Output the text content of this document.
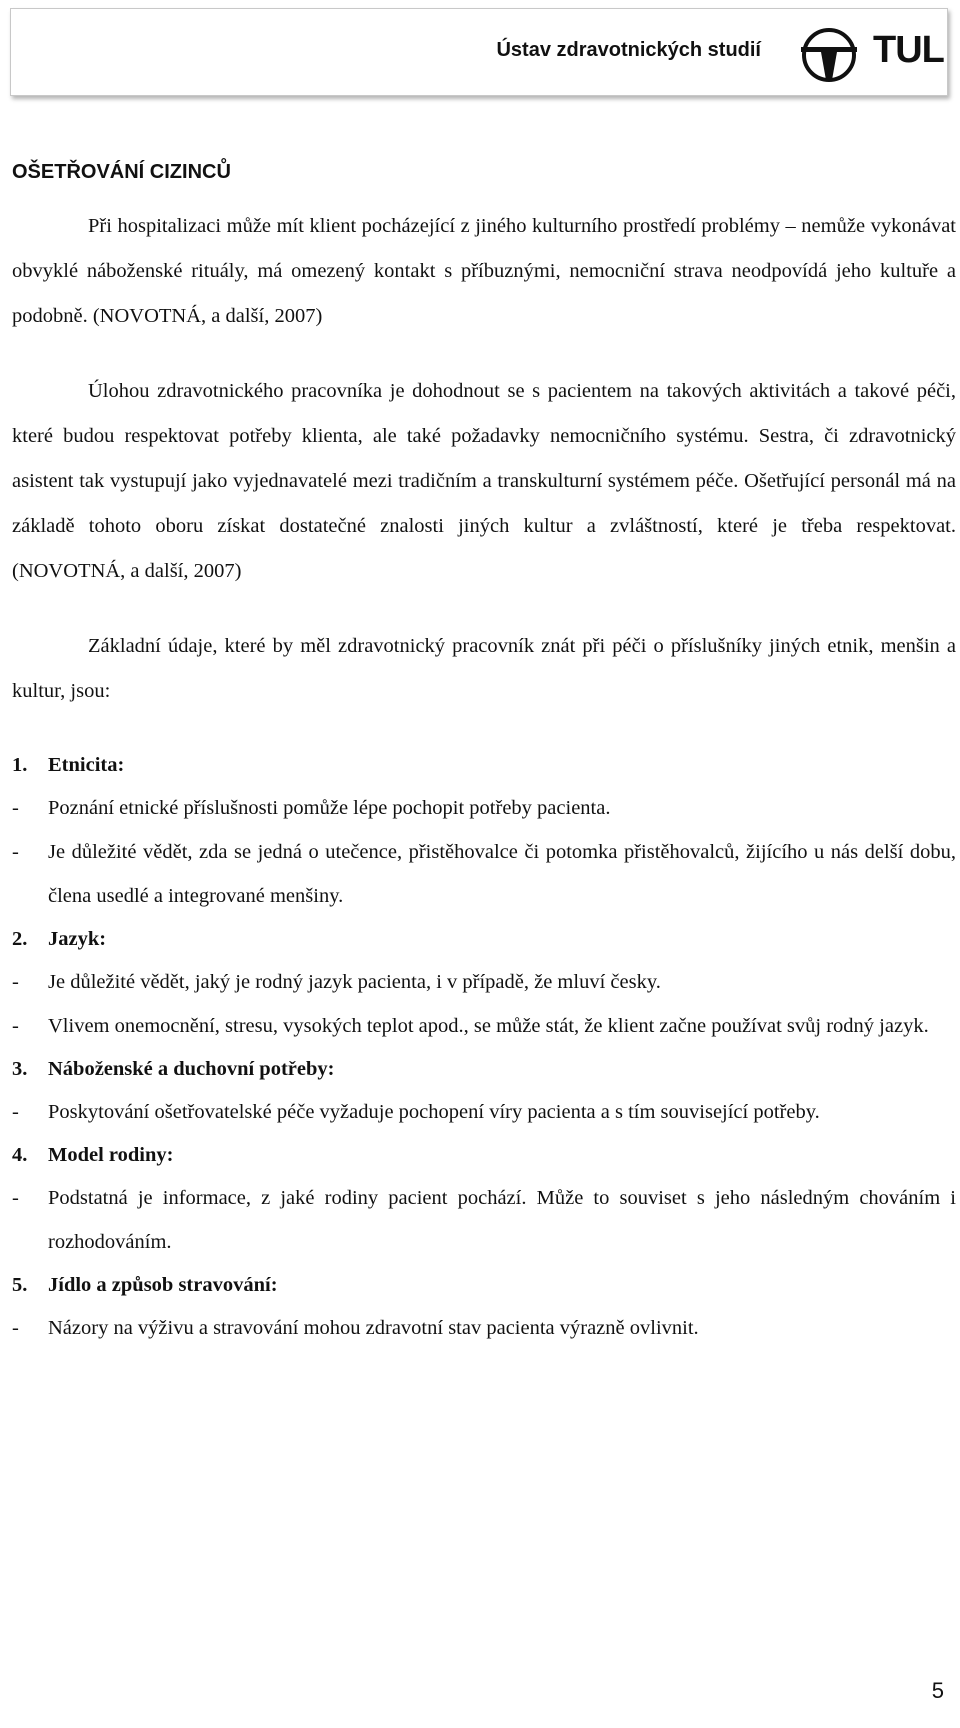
Ústav zdravotnických studií	TUL
OŠETŘOVÁNÍ CIZINCŮ

Při hospitalizaci může mít klient pocházející z jiného kulturního prostředí problémy – nemůže vykonávat obvyklé náboženské rituály, má omezený kontakt s příbuznými, nemocniční strava neodpovídá jeho kultuře a podobně. (NOVOTNÁ, a další, 2007)

Úlohou zdravotnického pracovníka je dohodnout se s pacientem na takových aktivitách a takové péči, které budou respektovat potřeby klienta, ale také požadavky nemocničního systému. Sestra, či zdravotnický asistent tak vystupují jako vyjednavatelé mezi tradičním a transkulturní systémem péče. Ošetřující personál má na základě tohoto oboru získat dostatečné znalosti jiných kultur a zvláštností, které je třeba respektovat. (NOVOTNÁ, a další, 2007)

Základní údaje, které by měl zdravotnický pracovník znát při péči o příslušníky jiných etnik, menšin a kultur, jsou:

1. Etnicita:
- Poznání etnické příslušnosti pomůže lépe pochopit potřeby pacienta.
- Je důležité vědět, zda se jedná o utečence, přistěhovalce či potomka přistěhovalců, žijícího u nás delší dobu, člena usedlé a integrované menšiny.
2. Jazyk:
- Je důležité vědět, jaký je rodný jazyk pacienta, i v případě, že mluví česky.
- Vlivem onemocnění, stresu, vysokých teplot apod., se může stát, že klient začne používat svůj rodný jazyk.
3. Náboženské a duchovní potřeby:
- Poskytování ošetřovatelské péče vyžaduje pochopení víry pacienta a s tím související potřeby.
4. Model rodiny:
- Podstatná je informace, z jaké rodiny pacient pochází. Může to souviset s jeho následným chováním i rozhodováním.
5. Jídlo a způsob stravování:
- Názory na výživu a stravování mohou zdravotní stav pacienta výrazně ovlivnit.
5
